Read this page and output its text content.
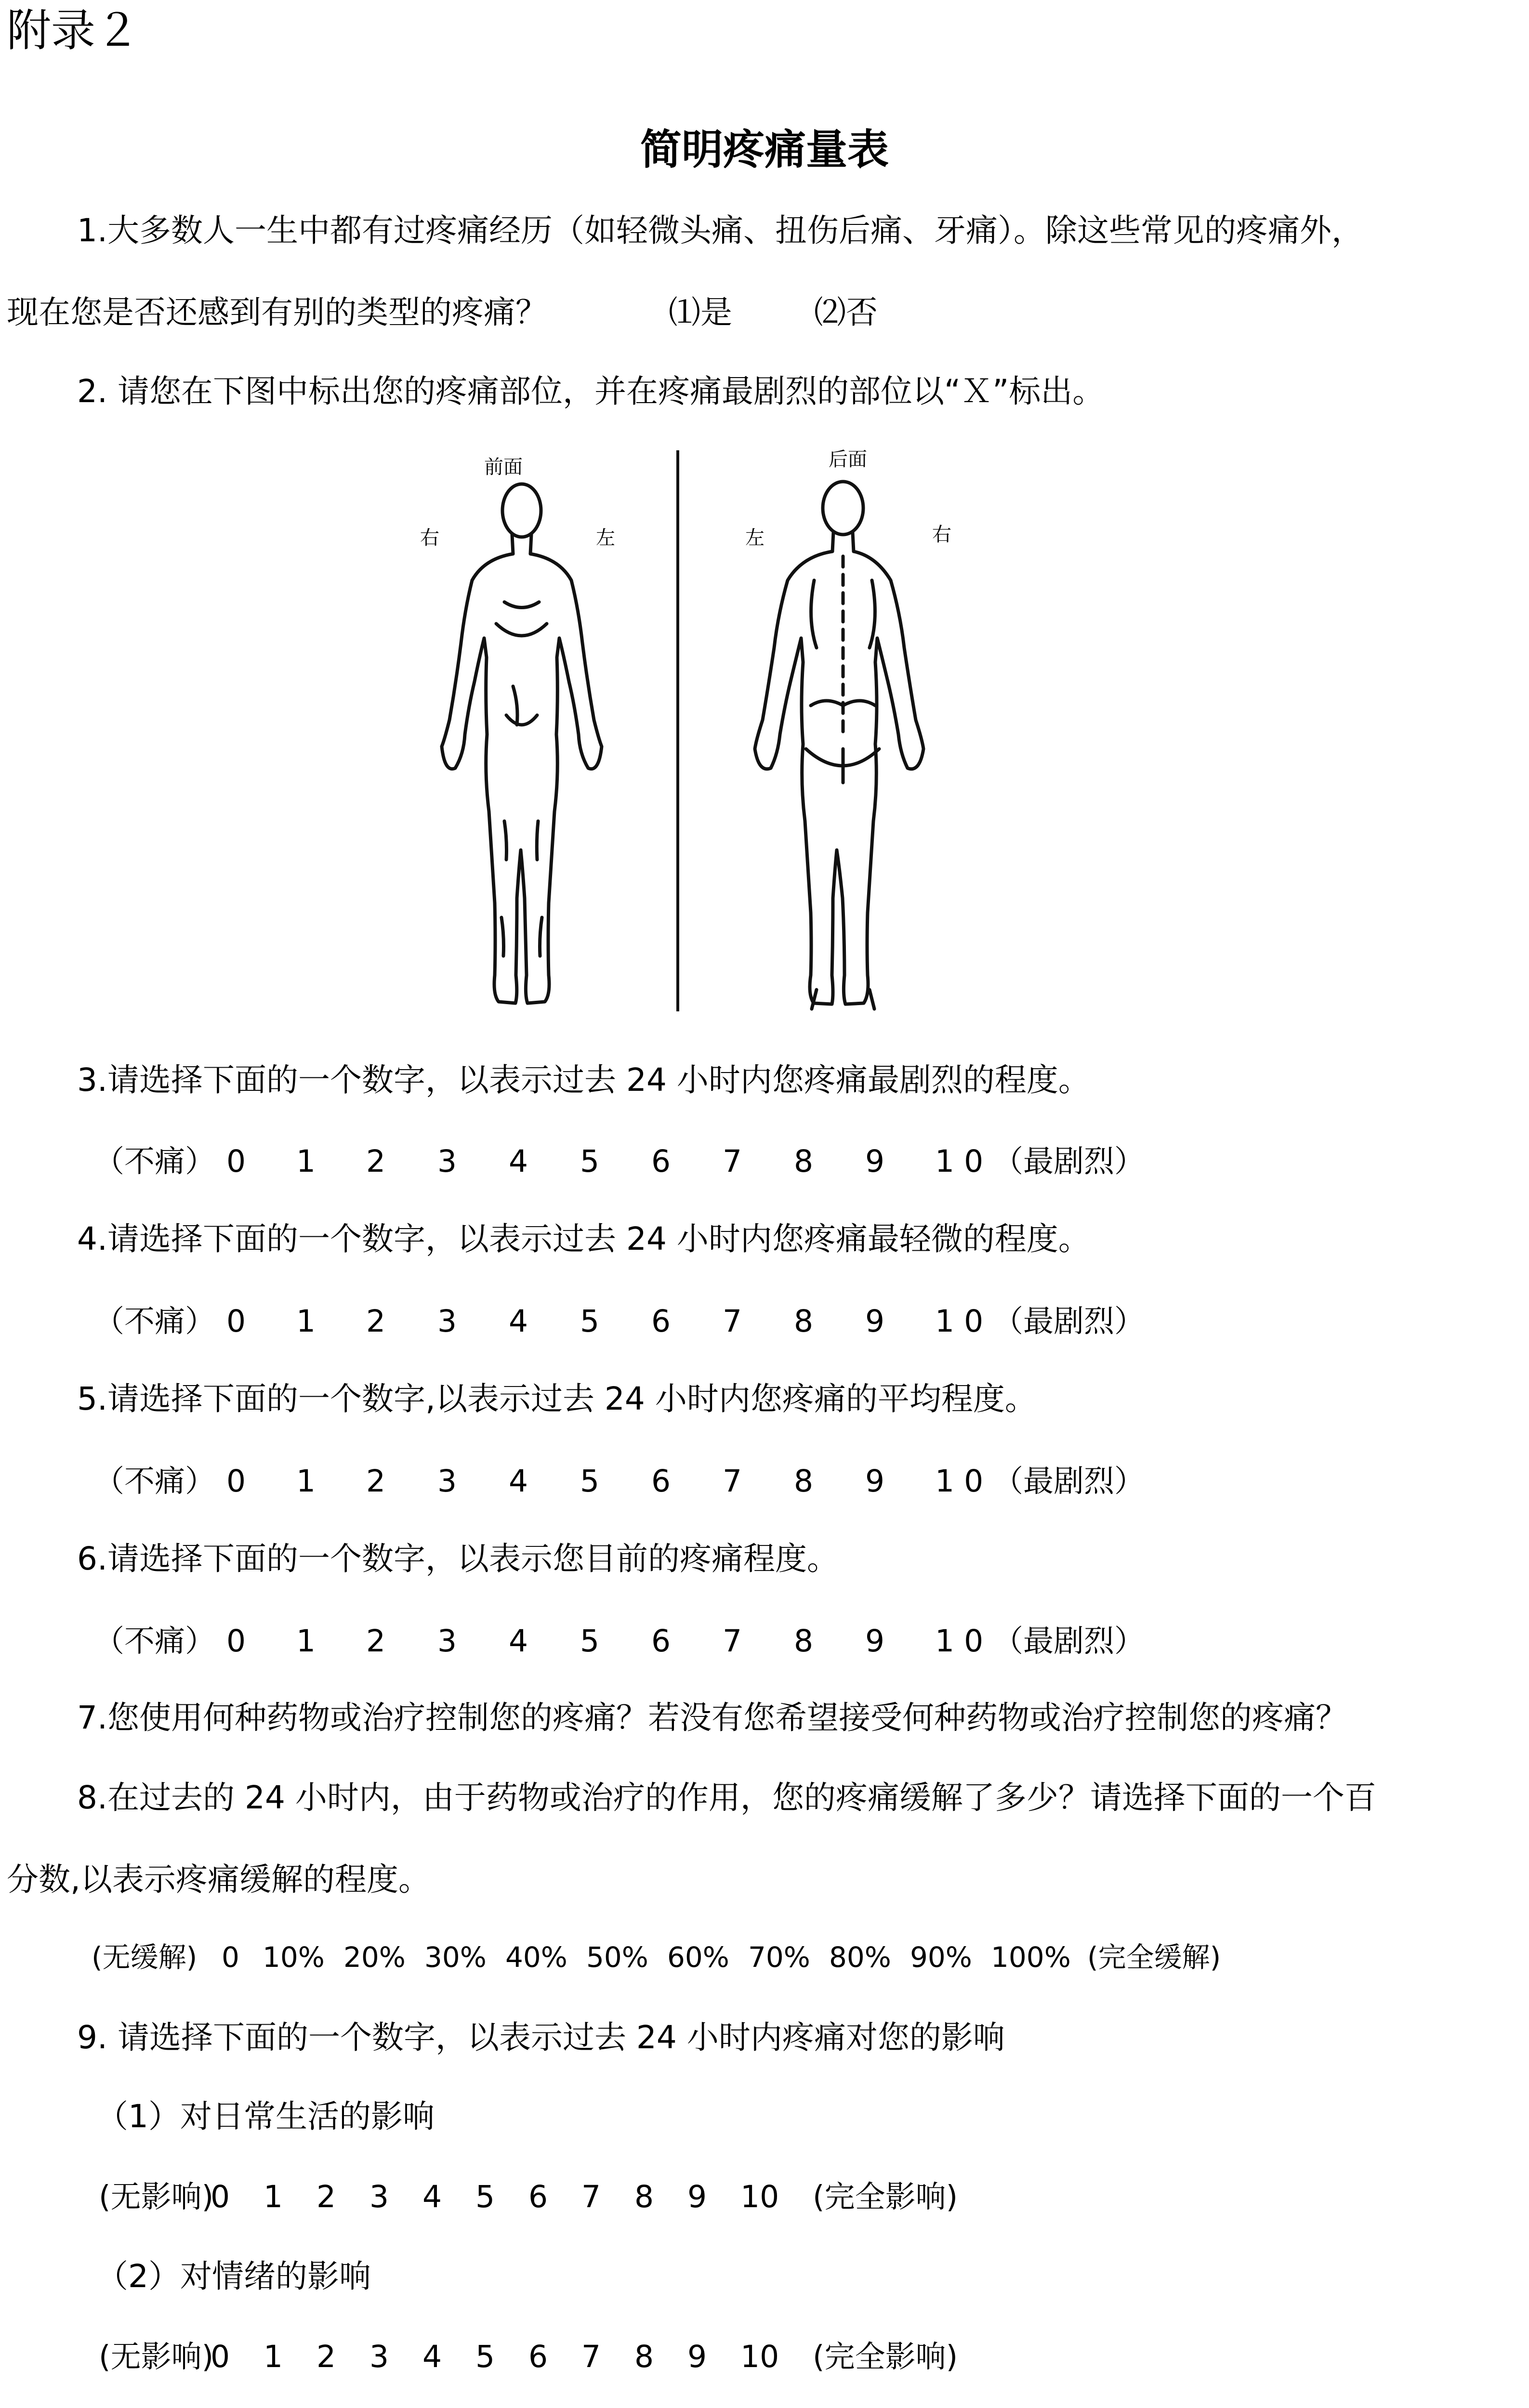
附录２
简明疼痛量表
1.大多数人一生中都有过疼痛经历（如轻微头痛、扭伤后痛、牙痛）。除这些常见的疼痛外，
现在您是否还感到有别的类型的疼痛？	⑴是	⑵否
2. 请您在下图中标出您的疼痛部位，并在疼痛最剧烈的部位以“Ｘ”标出。
前面
右	左
后面
左	右
3.请选择下面的一个数字，以表示过去 24 小时内您疼痛最剧烈的程度。
（不痛） 0	1	2	3	4	5	6	7	8	9	1 0 （最剧烈）
4.请选择下面的一个数字，以表示过去 24 小时内您疼痛最轻微的程度。
（不痛） 0	1	2	3	4	5	6	7	8	9	1 0 （最剧烈）
5.请选择下面的一个数字,以表示过去 24 小时内您疼痛的平均程度。
（不痛） 0	1	2	3	4	5	6	7	8	9	1 0 （最剧烈）
6.请选择下面的一个数字，以表示您目前的疼痛程度。
（不痛） 0	1	2	3	4	5	6	7	8	9	1 0 （最剧烈）
7.您使用何种药物或治疗控制您的疼痛？若没有您希望接受何种药物或治疗控制您的疼痛？
8.在过去的 24 小时内，由于药物或治疗的作用，您的疼痛缓解了多少？请选择下面的一个百
分数,以表示疼痛缓解的程度。
(无缓解) 0 10% 20% 30% 40% 50% 60% 70% 80% 90% 100% (完全缓解)
9. 请选择下面的一个数字，以表示过去 24 小时内疼痛对您的影响
（1）对日常生活的影响
(无影响)
0	1	2	3	4	5	6	7	8	9	10	(完全影响)
（2）对情绪的影响
(无影响)
0	1	2	3	4	5	6	7	8	9	10	(完全影响)
